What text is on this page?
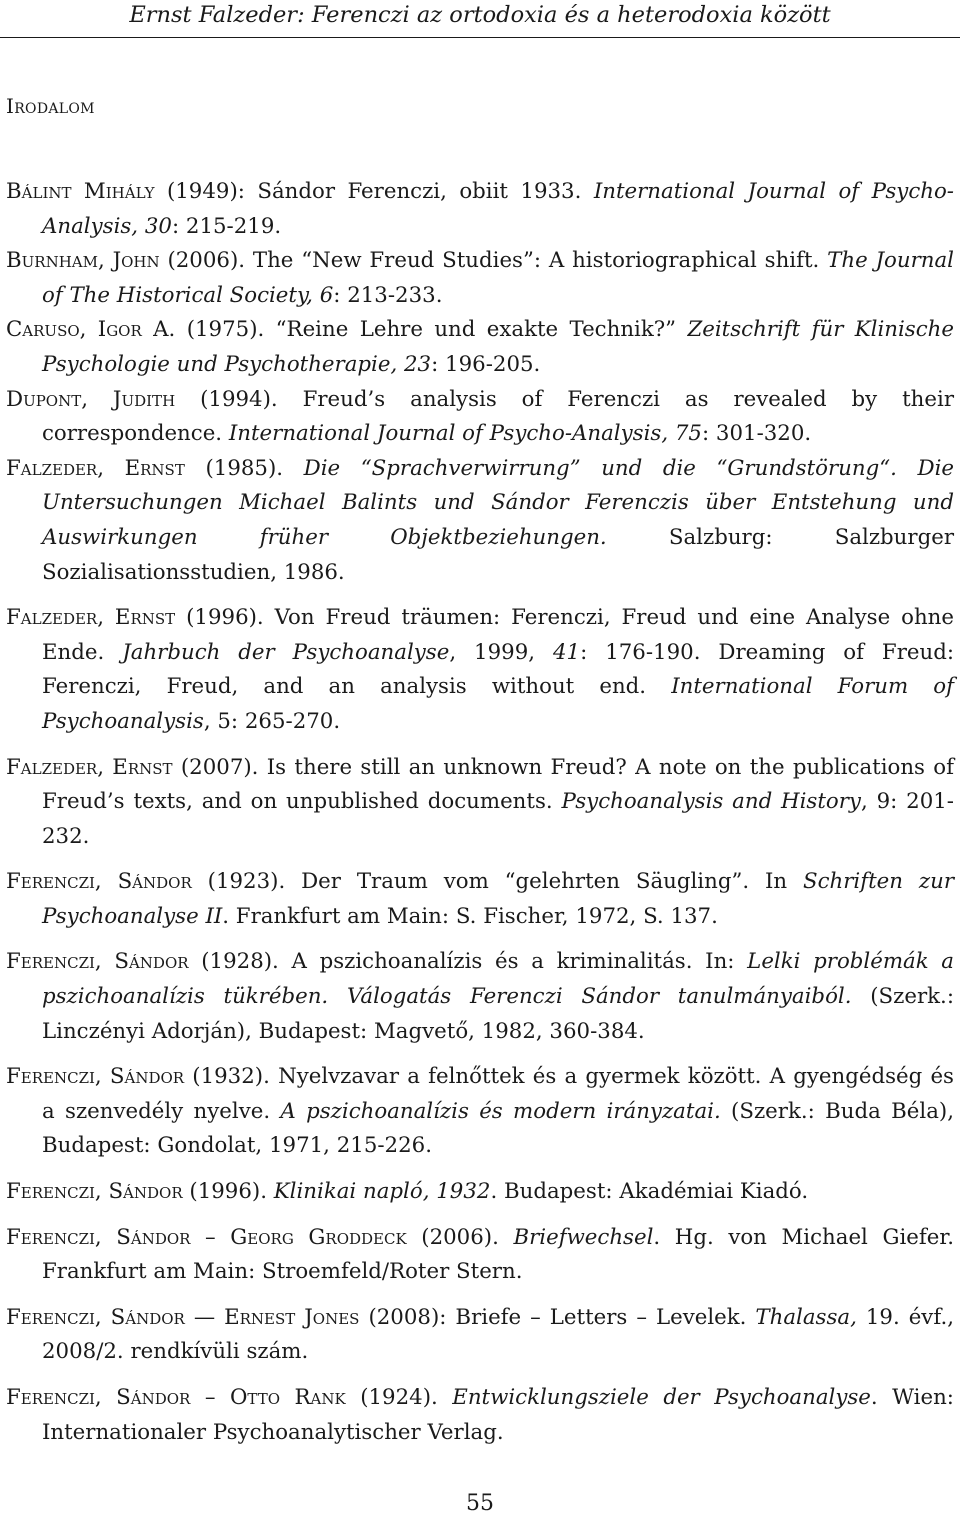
Ernst Falzeder: Ferenczi az ortodoxia és a heterodoxia között
Irodalom
Bálint Mihály (1949): Sándor Ferenczi, obiit 1933. International Journal of Psycho-Analysis, 30: 215-219.
Burnham, John (2006). The “New Freud Studies”: A historiographical shift. The Journal of The Historical Society, 6: 213-233.
Caruso, Igor A. (1975). “Reine Lehre und exakte Technik?” Zeitschrift für Klinische Psychologie und Psychotherapie, 23: 196-205.
Dupont, Judith (1994). Freud’s analysis of Ferenczi as revealed by their correspondence. International Journal of Psycho-Analysis, 75: 301-320.
Falzeder, Ernst (1985). Die “Sprachverwirrung” und die “Grundstörung“. Die Untersuchungen Michael Balints und Sándor Ferenczis über Entstehung und Auswirkungen früher Objektbeziehungen. Salzburg: Salzburger Sozialisationsstudien, 1986.
Falzeder, Ernst (1996). Von Freud träumen: Ferenczi, Freud und eine Analyse ohne Ende. Jahrbuch der Psychoanalyse, 1999, 41: 176-190. Dreaming of Freud: Ferenczi, Freud, and an analysis without end. International Forum of Psychoanalysis, 5: 265-270.
Falzeder, Ernst (2007). Is there still an unknown Freud? A note on the publications of Freud’s texts, and on unpublished documents. Psychoanalysis and History, 9: 201-232.
Ferenczi, Sándor (1923). Der Traum vom “gelehrten Säugling”. In Schriften zur Psychoanalyse II. Frankfurt am Main: S. Fischer, 1972, S. 137.
Ferenczi, Sándor (1928). A pszichoanalízis és a kriminalitás. In: Lelki problémák a pszichoanalízis tükrében. Válogatás Ferenczi Sándor tanulmányaiból. (Szerk.: Linczényi Adorján), Budapest: Magvető, 1982, 360-384.
Ferenczi, Sándor (1932). Nyelvzavar a felnőttek és a gyermek között. A gyengédség és a szenvedély nyelve. A pszichoanalízis és modern irányzatai. (Szerk.: Buda Béla), Budapest: Gondolat, 1971, 215-226.
Ferenczi, Sándor (1996). Klinikai napló, 1932. Budapest: Akadémiai Kiadó.
Ferenczi, Sándor – Georg Groddeck (2006). Briefwechsel. Hg. von Michael Giefer. Frankfurt am Main: Stroemfeld/Roter Stern.
Ferenczi, Sándor — Ernest Jones (2008): Briefe – Letters – Levelek. Thalassa, 19. évf., 2008/2. rendkívüli szám.
Ferenczi, Sándor – Otto Rank (1924). Entwicklungsziele der Psychoanalyse. Wien: Internationaler Psychoanalytischer Verlag.
55
